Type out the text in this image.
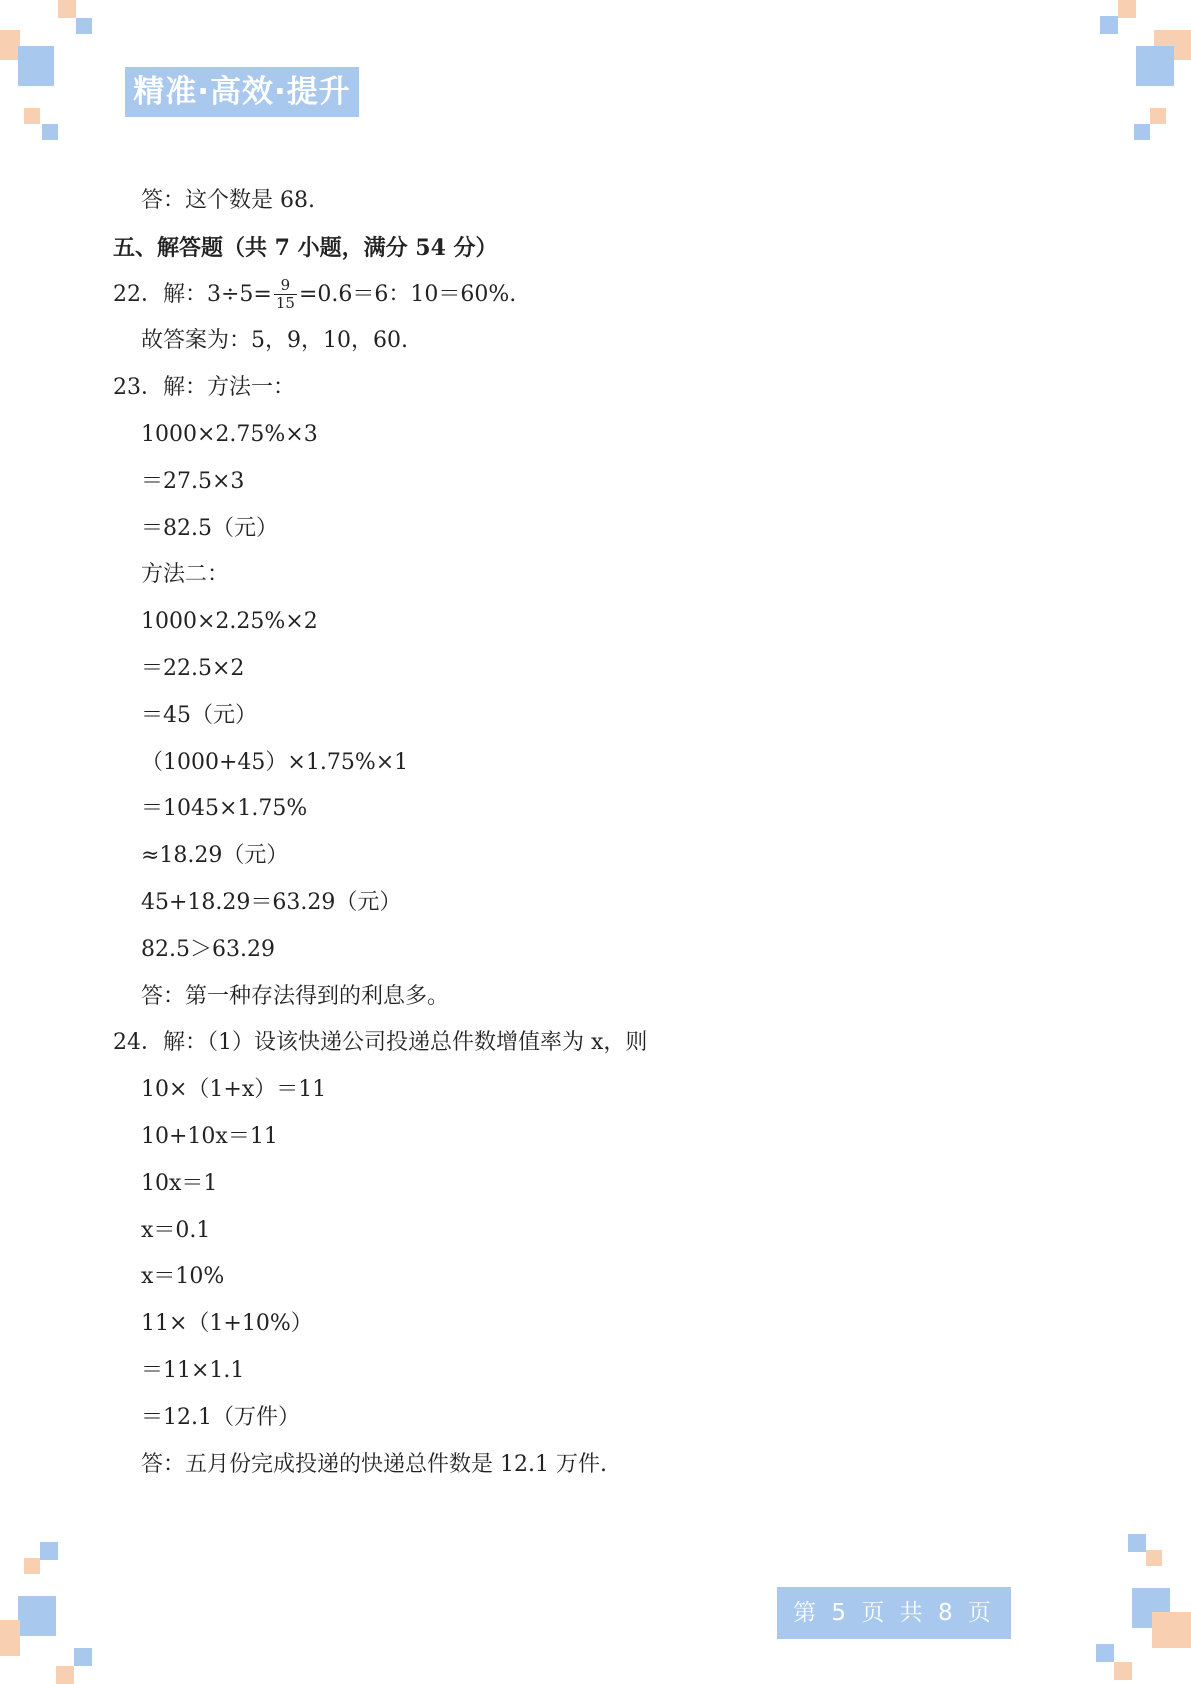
精准·高效·提升
答：这个数是 68.
五、解答题（共 7 小题，满分 54 分）
22．解：$3\div 5= \frac{9}{15} =0.6=6$：10＝60%.
故答案为：5，9，10，60.
23．解：方法一：
1000×2.75%×3
＝27.5×3
＝82.5（元）
方法二：
1000×2.25%×2
＝22.5×2
＝45（元）
（1000+45）×1.75%×1
＝1045×1.75%
≈18.29（元）
45+18.29＝63.29（元）
82.5＞63.29
答：第一种存法得到的利息多。
24．解：（1）设该快递公司投递总件数增值率为 x，则
10×（1+x）＝11
10+10x＝11
10x＝1
x＝0.1
x＝10%
11×（1+10%）
＝11×1.1
＝12.1（万件）
答：五月份完成投递的快递总件数是 12.1 万件.
第 5 页 共 8 页
